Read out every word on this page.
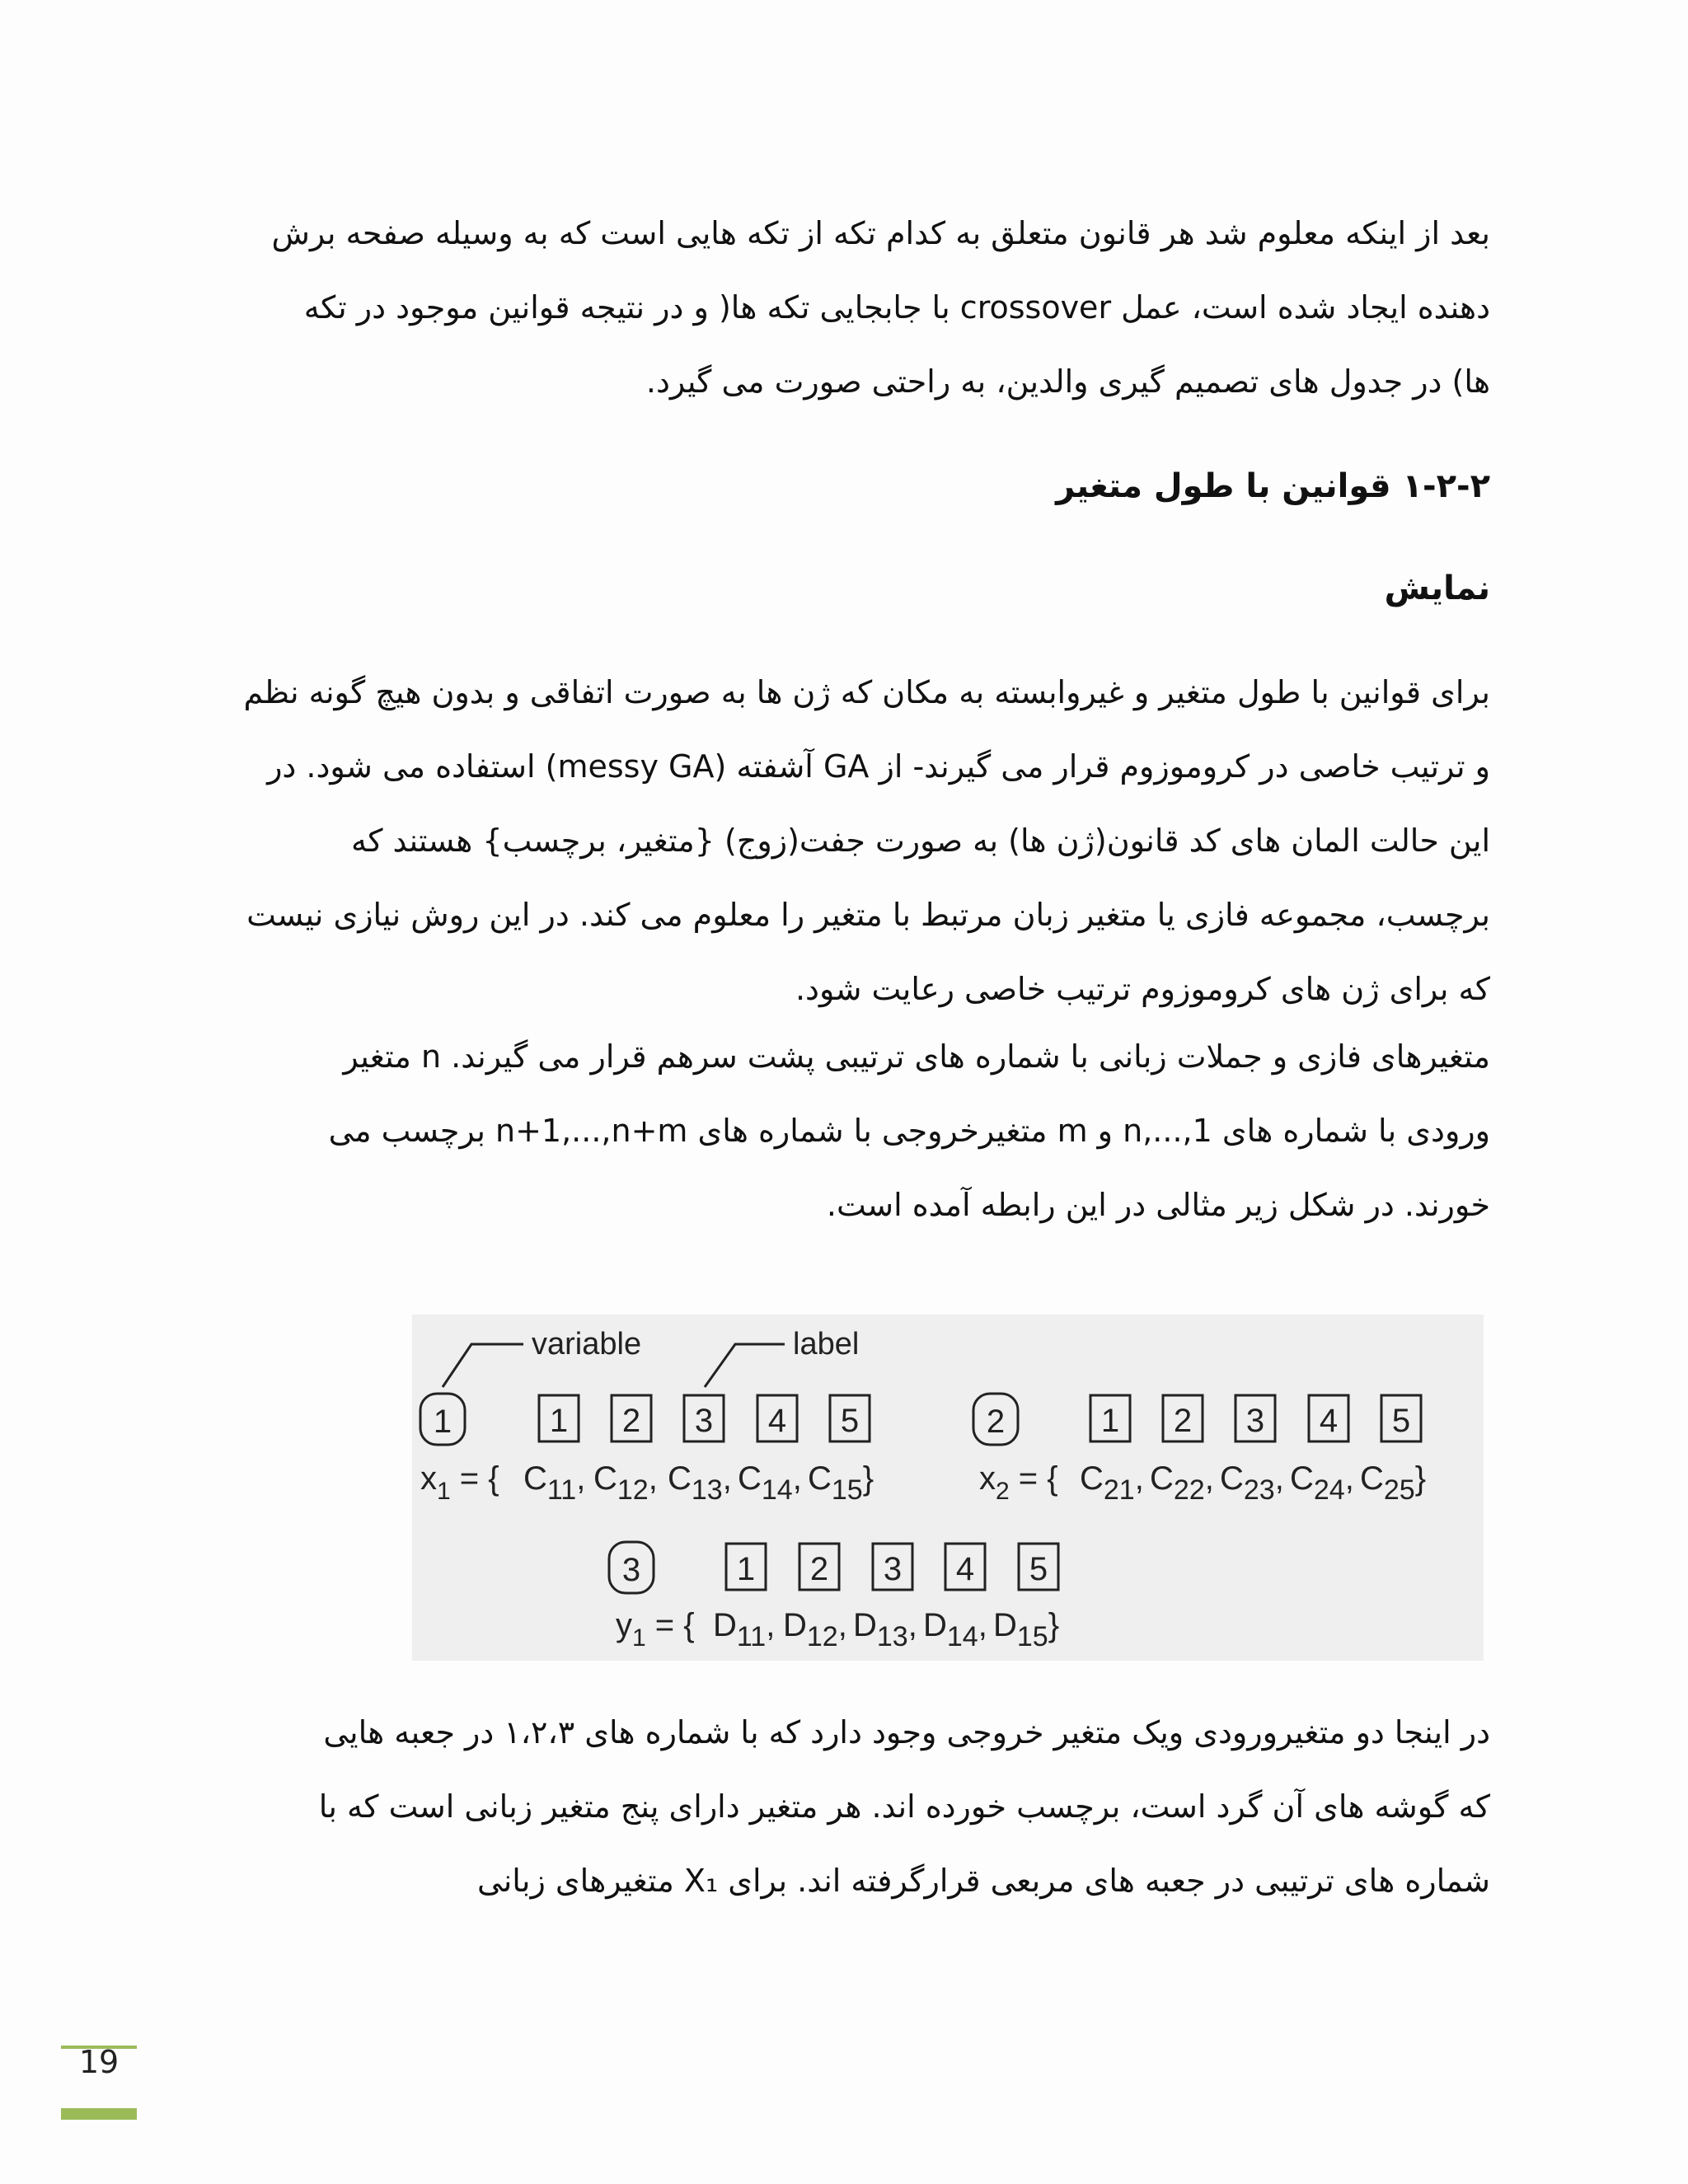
بعد از اینکه معلوم شد هر قانون متعلق به کدام تکه از تکه هایی است که به وسیله صفحه برش
دهنده ایجاد شده است، عمل crossover با جابجایی تکه ها( و در نتیجه قوانین موجود در تکه
ها) در جدول های تصمیم گیری والدین، به راحتی صورت می گیرد.
۱-۲-۲ قوانین با طول متغیر
نمایش
برای قوانین با طول متغیر و غیروابسته به مکان که ژن ها به صورت اتفاقی و بدون هیچ گونه نظم
و ترتیب خاصی در کروموزوم قرار می گیرند- از GA آشفته (messy GA) استفاده می شود. در
این حالت المان های کد قانون(ژن ها) به صورت جفت(زوج) {متغیر، برچسب} هستند که
برچسب، مجموعه فازی یا متغیر زبان مرتبط با متغیر را معلوم می کند. در این روش نیازی نیست
که برای ژن های کروموزوم ترتیب خاصی رعایت شود.
متغیرهای فازی و جملات زبانی با شماره های ترتیبی پشت سرهم قرار می گیرند. n متغیر
ورودی با شماره های 1,...,n و m متغیرخروجی با شماره های n+1,...,n+m برچسب می
خورند. در شکل زیر مثالی در این رابطه آمده است.
variable	label
1	1 2 3 4 5
$x_1$ = { $C_{11}$, $C_{12}$, $C_{13}$, $C_{14}$, $C_{15}$}
2	1 2 3 4 5
$x_2$ = { $C_{21}$, $C_{22}$, $C_{23}$, $C_{24}$, $C_{25}$}
3	1 2 3 4 5
$y_1$ = { $D_{11}$, $D_{12}$, $D_{13}$, $D_{14}$, $D_{15}$}
در اینجا دو متغیرورودی ویک متغیر خروجی وجود دارد که با شماره های ۱،۲،۳ در جعبه هایی
که گوشه های آن گرد است، برچسب خورده اند. هر متغیر دارای پنج متغیر زبانی است که با
شماره های ترتیبی در جعبه های مربعی قرارگرفته اند. برای X₁ متغیرهای زبانی
19
